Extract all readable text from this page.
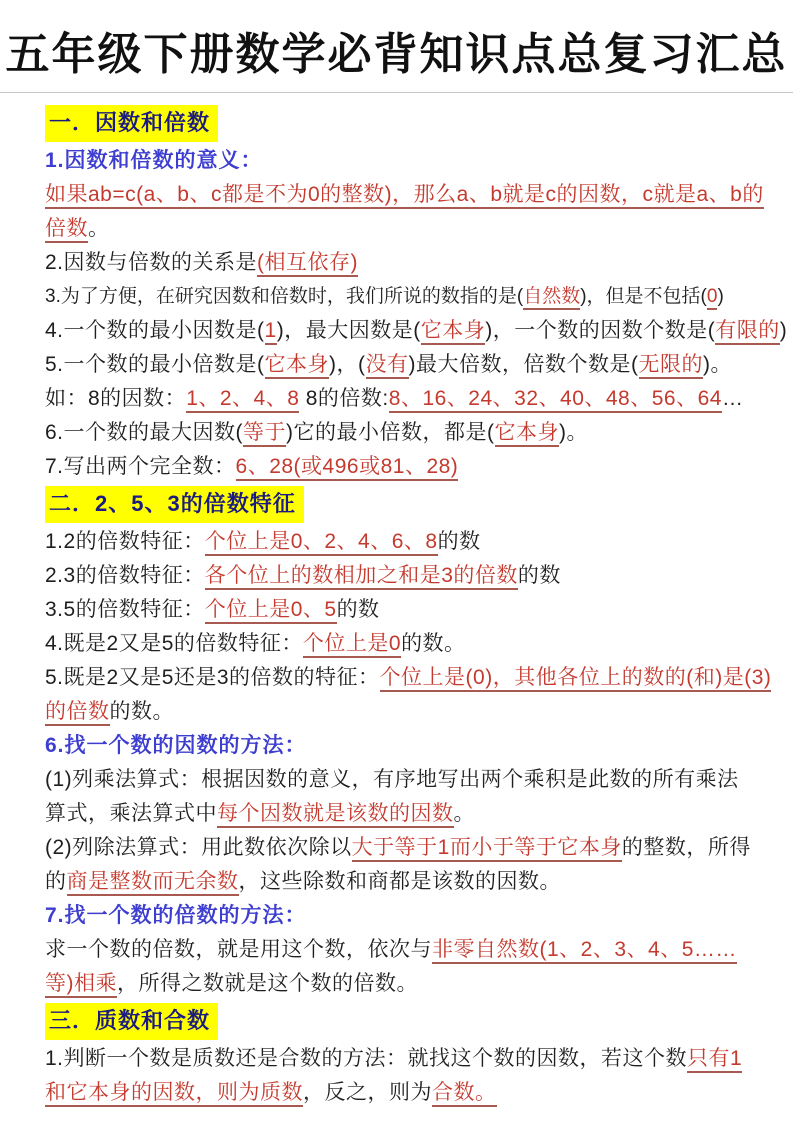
五年级下册数学必背知识点总复习汇总
一．因数和倍数

1.因数和倍数的意义：

如果ab=c(a、b、c都是不为0的整数)，那么a、b就是c的因数，c就是a、b的

倍数。

2.因数与倍数的关系是(相互依存)

3.为了方便，在研究因数和倍数时，我们所说的数指的是(自然数)，但是不包括(0)

4.一个数的最小因数是(1)，最大因数是(它本身)，一个数的因数个数是(有限的)

5.一个数的最小倍数是(它本身)，(没有)最大倍数，倍数个数是(无限的)。

如：8的因数：1、2、4、8 8的倍数:8、16、24、32、40、48、56、64…

6.一个数的最大因数(等于)它的最小倍数，都是(它本身)。

7.写出两个完全数：6、28(或496或81、28)

二．2、5、3的倍数特征

1.2的倍数特征：个位上是0、2、4、6、8的数

2.3的倍数特征：各个位上的数相加之和是3的倍数的数

3.5的倍数特征：个位上是0、5的数

4.既是2又是5的倍数特征：个位上是0的数。

5.既是2又是5还是3的倍数的特征：个位上是(0)，其他各位上的数的(和)是(3)

的倍数的数。

6.找一个数的因数的方法：

(1)列乘法算式：根据因数的意义，有序地写出两个乘积是此数的所有乘法

算式，乘法算式中每个因数就是该数的因数。

(2)列除法算式：用此数依次除以大于等于1而小于等于它本身的整数，所得

的商是整数而无余数，这些除数和商都是该数的因数。

7.找一个数的倍数的方法：

求一个数的倍数，就是用这个数，依次与非零自然数(1、2、3、4、5……

等)相乘，所得之数就是这个数的倍数。

三．质数和合数

1.判断一个数是质数还是合数的方法：就找这个数的因数，若这个数只有1

和它本身的因数，则为质数，反之，则为合数。
